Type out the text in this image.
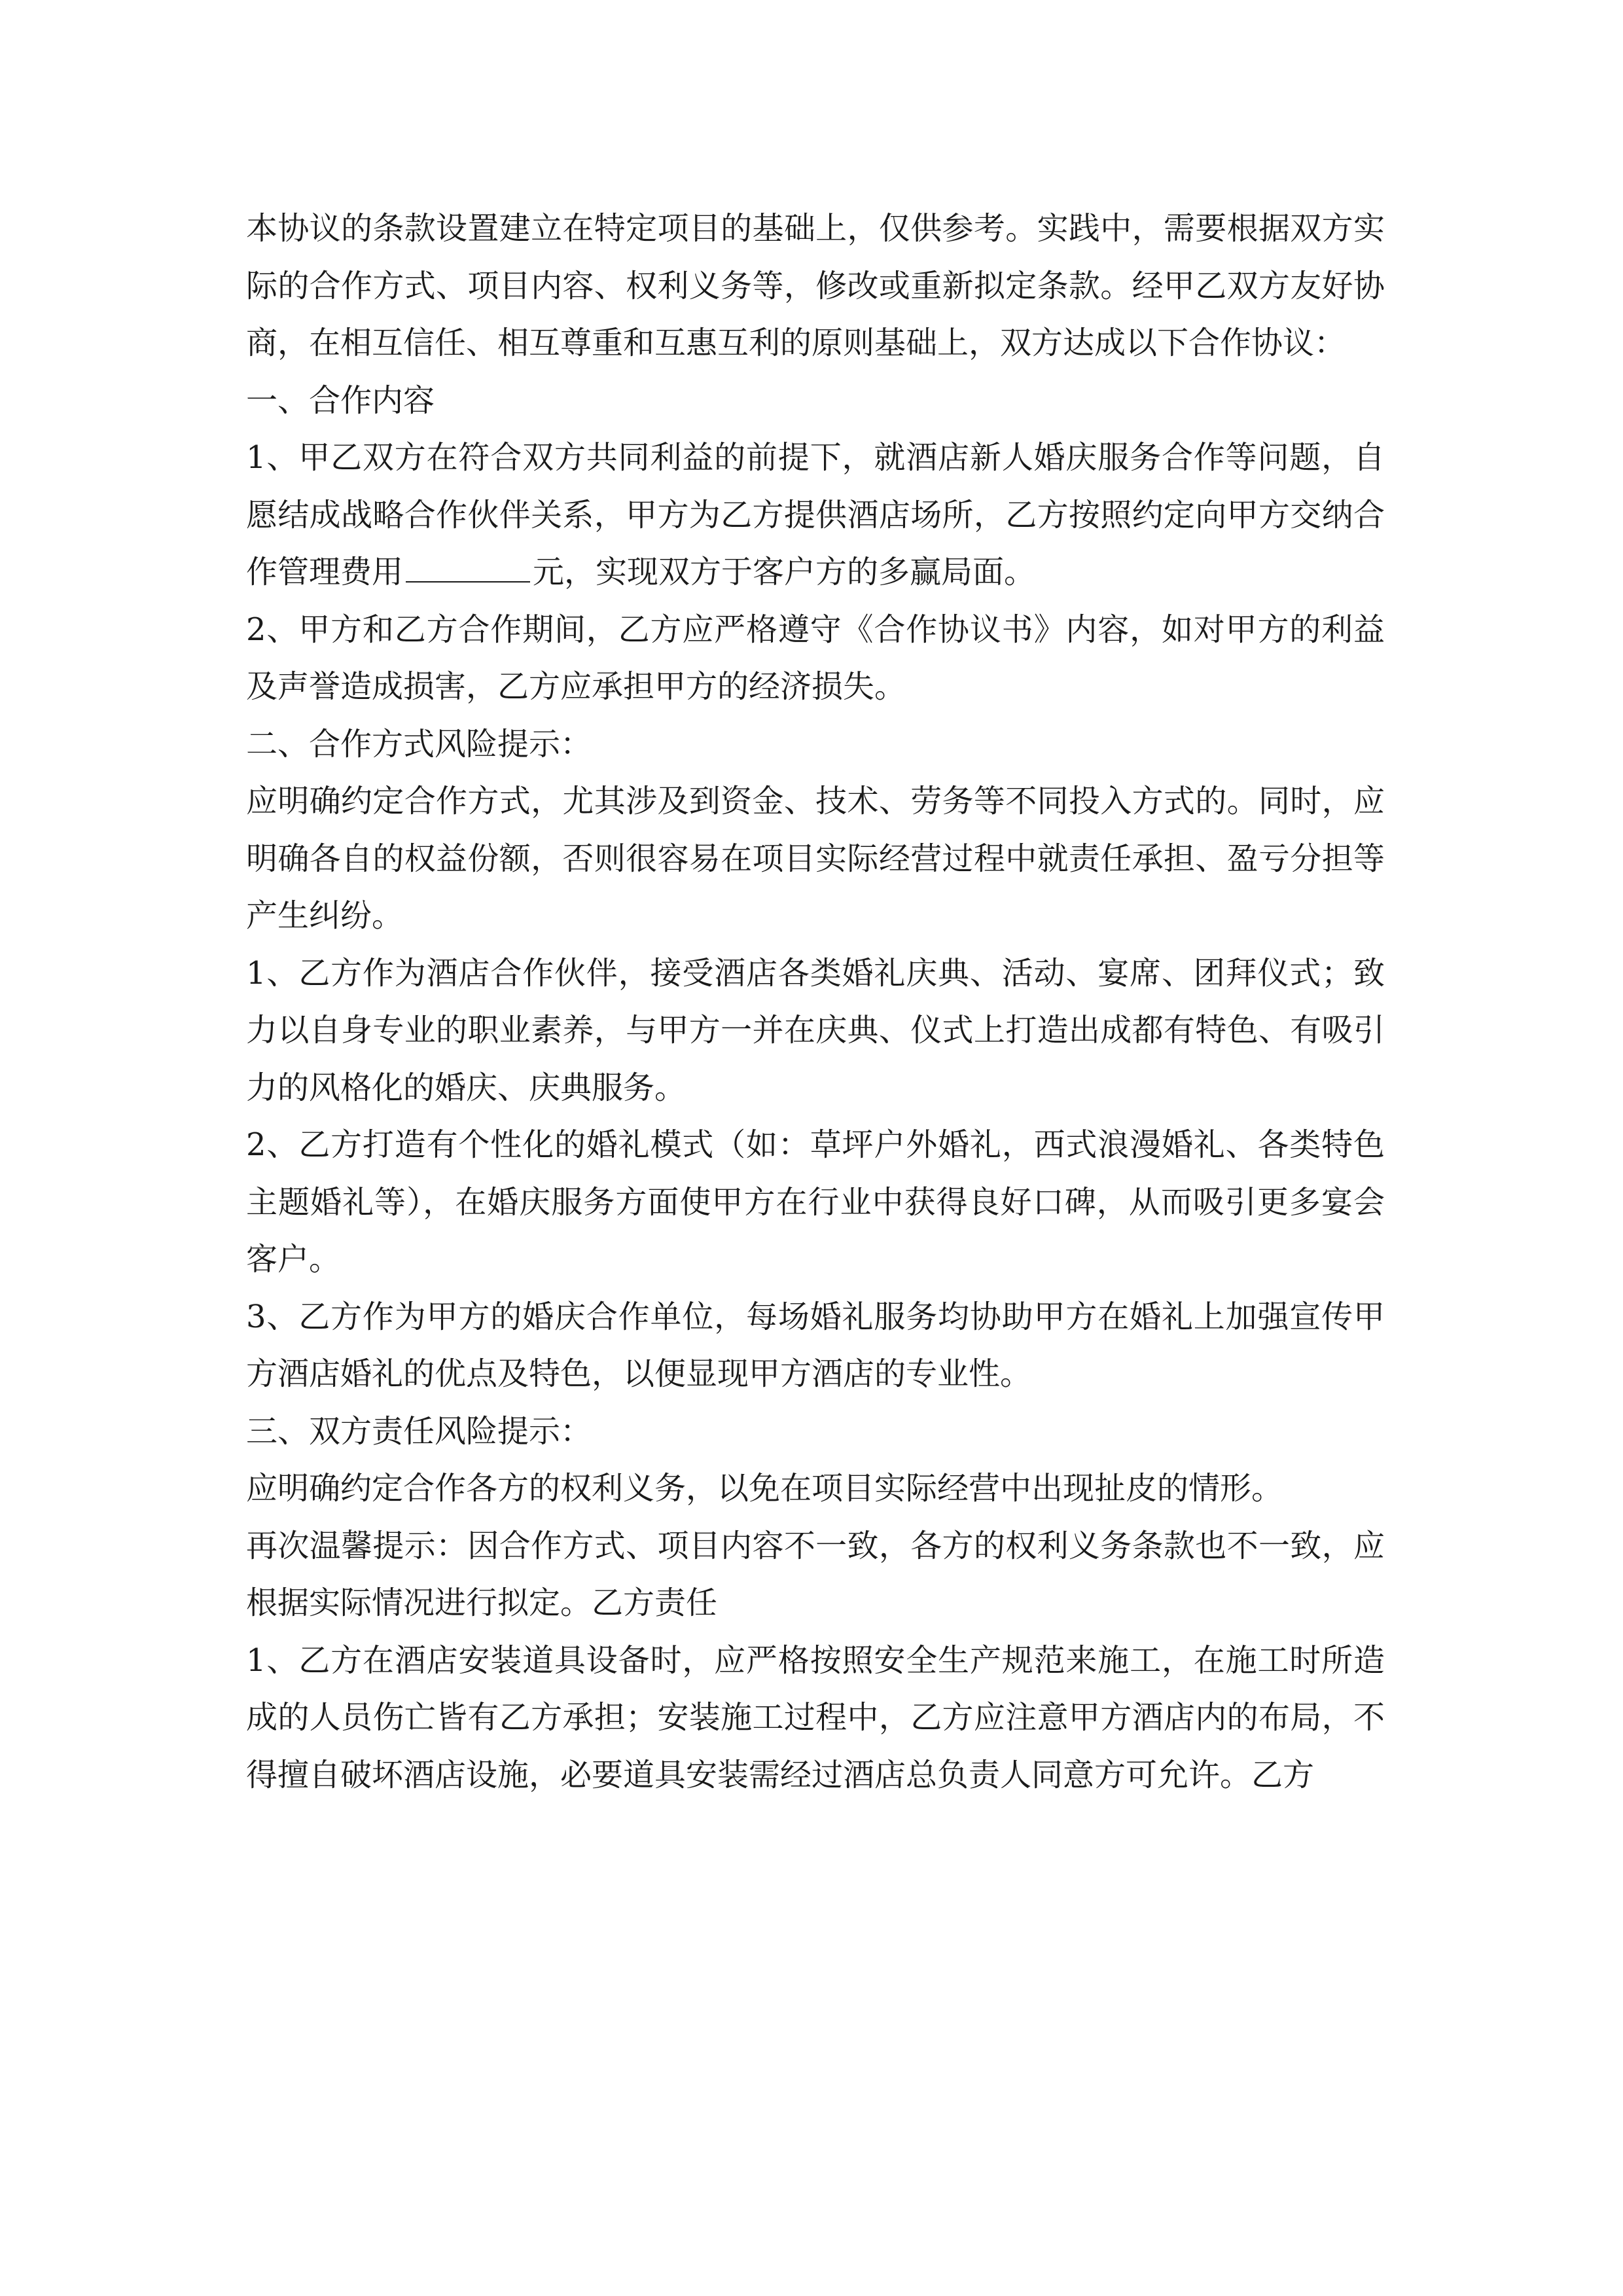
本协议的条款设置建立在特定项目的基础上，仅供参考。实践中，需要根据双方实际的合作方式、项目内容、权利义务等，修改或重新拟定条款。经甲乙双方友好协商，在相互信任、相互尊重和互惠互利的原则基础上，双方达成以下合作协议：

一、合作内容

1、甲乙双方在符合双方共同利益的前提下，就酒店新人婚庆服务合作等问题，自愿结成战略合作伙伴关系，甲方为乙方提供酒店场所，乙方按照约定向甲方交纳合作管理费用	元，实现双方于客户方的多赢局面。

2、甲方和乙方合作期间，乙方应严格遵守《合作协议书》内容，如对甲方的利益及声誉造成损害，乙方应承担甲方的经济损失。

二、合作方式风险提示：

应明确约定合作方式，尤其涉及到资金、技术、劳务等不同投入方式的。同时，应明确各自的权益份额，否则很容易在项目实际经营过程中就责任承担、盈亏分担等产生纠纷。

1、乙方作为酒店合作伙伴，接受酒店各类婚礼庆典、活动、宴席、团拜仪式；致力以自身专业的职业素养，与甲方一并在庆典、仪式上打造出成都有特色、有吸引力的风格化的婚庆、庆典服务。

2、乙方打造有个性化的婚礼模式（如：草坪户外婚礼，西式浪漫婚礼、各类特色主题婚礼等），在婚庆服务方面使甲方在行业中获得良好口碑，从而吸引更多宴会客户。

3、乙方作为甲方的婚庆合作单位，每场婚礼服务均协助甲方在婚礼上加强宣传甲方酒店婚礼的优点及特色，以便显现甲方酒店的专业性。

三、双方责任风险提示：

应明确约定合作各方的权利义务，以免在项目实际经营中出现扯皮的情形。

再次温馨提示：因合作方式、项目内容不一致，各方的权利义务条款也不一致，应根据实际情况进行拟定。乙方责任

1、乙方在酒店安装道具设备时，应严格按照安全生产规范来施工，在施工时所造成的人员伤亡皆有乙方承担；安装施工过程中，乙方应注意甲方酒店内的布局，不得擅自破坏酒店设施，必要道具安装需经过酒店总负责人同意方可允许。乙方
